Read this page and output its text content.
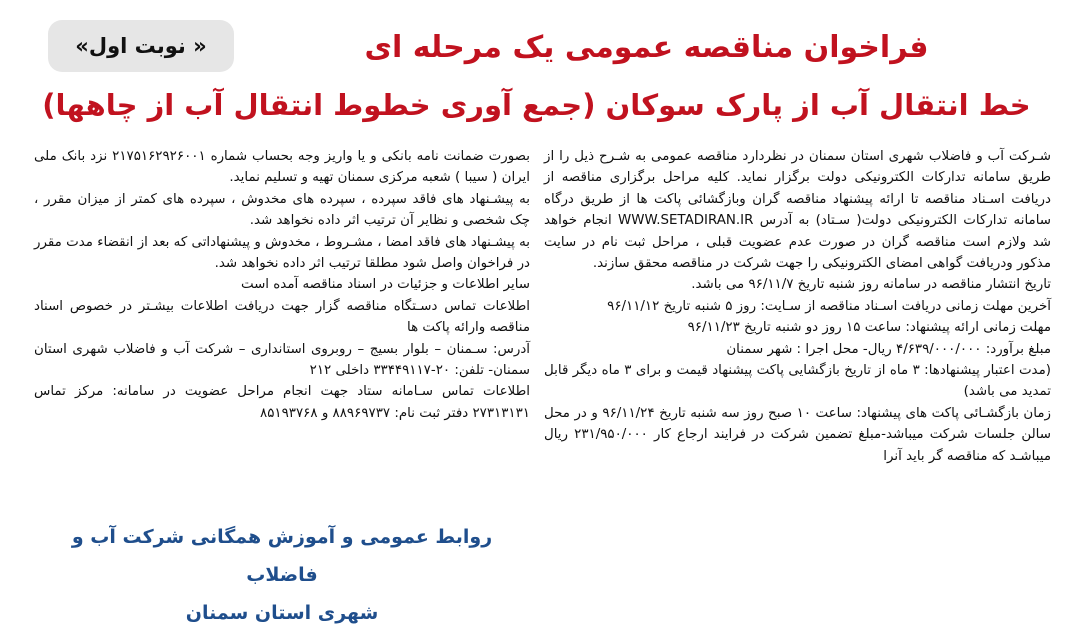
« نوبت اول»	فراخوان مناقصه عمومی یک مرحله ای
خط انتقال آب از پارک سوکان (جمع آوری خطوط انتقال آب از چاهها)

شـرکت آب و فاضلاب شهری استان سمنان در نظردارد مناقصه عمومی به شـرح ذیل را از طریق سامانه تدارکات الکترونیکی دولت برگزار نماید. کلیه مراحل برگزاری مناقصه از دریافت اسـناد مناقصه تا ارائه پیشنهاد مناقصه گران وبازگشائی پاکت ها از طریق درگاه سامانه تدارکات الکترونیکی دولت( سـتاد) به آدرس WWW.SETADIRAN.IR انجام خواهد شد ولازم است مناقصه گران در صورت عدم عضویت قبلی ، مراحل ثبت نام در سایت مذکور ودریافت گواهی امضای الکترونیکی را جهت شرکت در مناقصه محقق سازند.

تاریخ انتشار مناقصه در سامانه روز شنبه تاریخ ۹۶/۱۱/۷ می باشد.

آخرین مهلت زمانی دریافت اسـناد مناقصه از سـایت: روز ۵ شنبه تاریخ ۹۶/۱۱/۱۲

مهلت زمانی ارائه پیشنهاد: ساعت ۱۵ روز دو شنبه تاریخ ۹۶/۱۱/۲۳

مبلغ برآورد: ۴/۶۳۹/۰۰۰/۰۰۰ ریال- محل اجرا : شهر سمنان

(مدت اعتبار پیشنهادها: ۳ ماه از تاریخ بازگشایی پاکت پیشنهاد قیمت و برای ۳ ماه دیگر قابل تمدید می باشد)

زمان بازگشـائی پاکت های پیشنهاد: ساعت ۱۰ صبح روز سه شنبه تاریخ ۹۶/۱۱/۲۴ و در محل سالن جلسات شرکت میباشد-مبلغ تضمین شرکت در فرایند ارجاع کار ۲۳۱/۹۵۰/۰۰۰ ریال میباشـد که مناقصه گر باید آنرا

بصورت ضمانت نامه بانکی و یا واریز وجه بحساب شماره ۲۱۷۵۱۶۲۹۲۶۰۰۱ نزد بانک ملی ایران ( سیبا ) شعبه مرکزی سمنان تهیه و تسلیم نماید.

به پیشـنهاد های فاقد سپرده ، سپرده های مخدوش ، سپرده های کمتر از میزان مقرر ، چک شخصی و نظایر آن ترتیب اثر داده نخواهد شد.

به پیشـنهاد های فاقد امضا ، مشـروط ، مخدوش و پیشنهاداتی که بعد از انقضاء مدت مقرر در فراخوان واصل شود مطلقا ترتیب اثر داده نخواهد شد.

سایر اطلاعات و جزئیات در اسناد مناقصه آمده است

اطلاعات تماس دسـتگاه مناقصه گزار جهت دریافت اطلاعات بیشـتر در خصوص اسناد مناقصه وارائه پاکت ها

آدرس: سـمنان – بلوار بسیج – روبروی استانداری – شرکت آب و فاضلاب شهری استان سمنان- تلفن: ۲۰-۳۳۴۴۹۱۱۷ داخلی ۲۱۲

اطلاعات تماس سـامانه ستاد جهت انجام مراحل عضویت در سامانه: مرکز تماس ۲۷۳۱۳۱۳۱ دفتر ثبت نام: ۸۸۹۶۹۷۳۷ و ۸۵۱۹۳۷۶۸

روابط عمومی و آموزش همگانی شرکت آب و فاضلاب
شهری استان سمنان
